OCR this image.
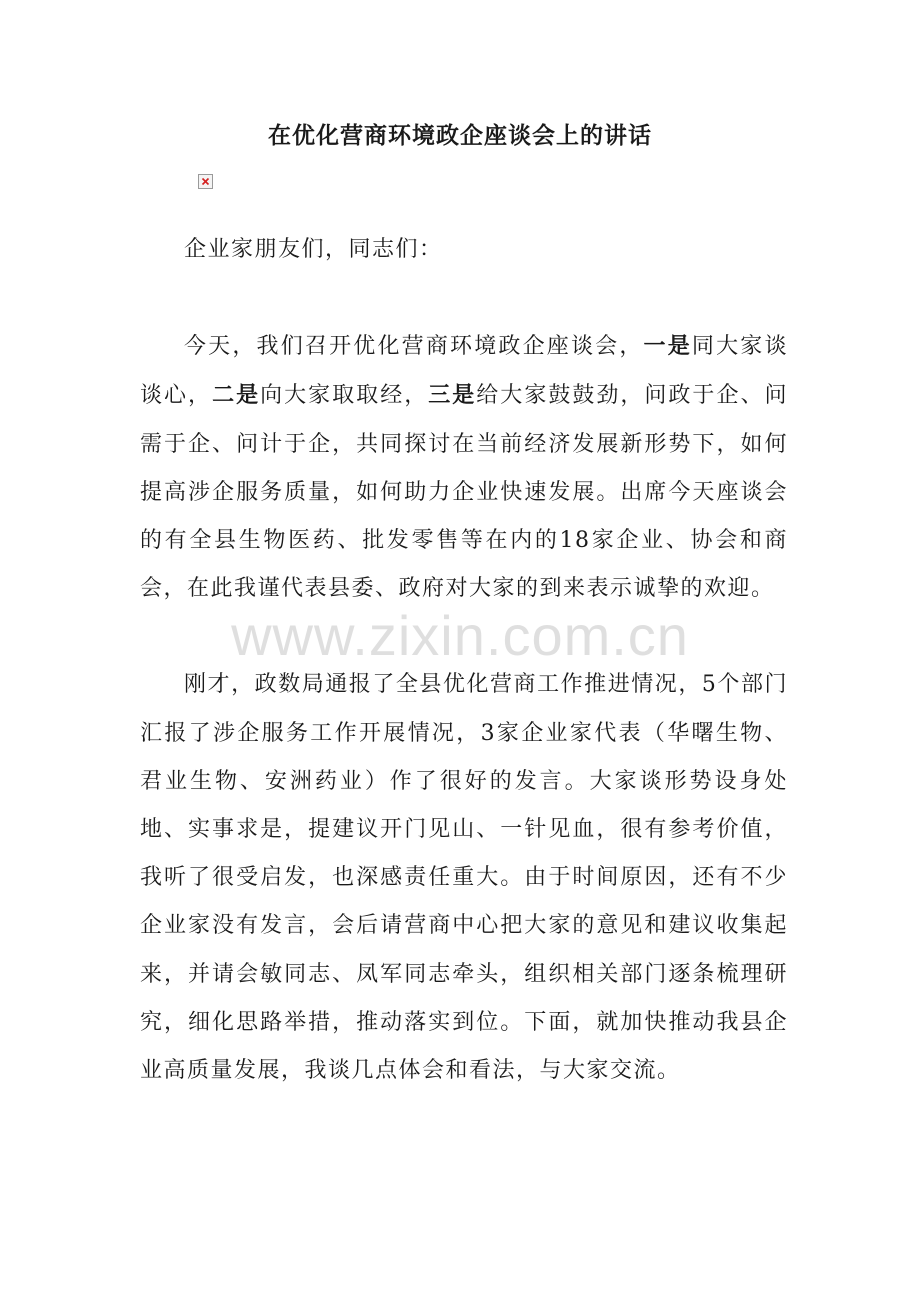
在优化营商环境政企座谈会上的讲话

企业家朋友们，同志们：

今天，我们召开优化营商环境政企座谈会，一是同大家谈谈心，二是向大家取取经，三是给大家鼓鼓劲，问政于企、问需于企、问计于企，共同探讨在当前经济发展新形势下，如何提高涉企服务质量，如何助力企业快速发展。出席今天座谈会的有全县生物医药、批发零售等在内的18家企业、协会和商会，在此我谨代表县委、政府对大家的到来表示诚挚的欢迎。

刚才，政数局通报了全县优化营商工作推进情况，5个部门汇报了涉企服务工作开展情况，3家企业家代表（华曙生物、君业生物、安洲药业）作了很好的发言。大家谈形势设身处地、实事求是，提建议开门见山、一针见血，很有参考价值，我听了很受启发，也深感责任重大。由于时间原因，还有不少企业家没有发言，会后请营商中心把大家的意见和建议收集起来，并请会敏同志、凤军同志牵头，组织相关部门逐条梳理研究，细化思路举措，推动落实到位。下面，就加快推动我县企业高质量发展，我谈几点体会和看法，与大家交流。

www.zixin.com.cn
